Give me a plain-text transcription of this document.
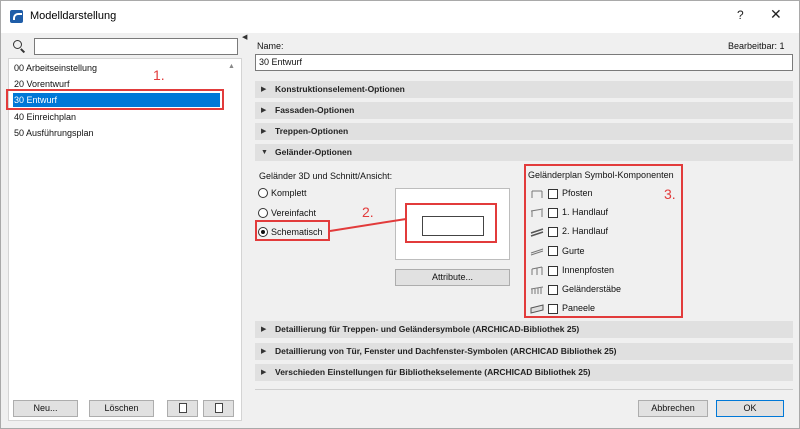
Modelldarstellung	? ✕
00 Arbeitseinstellung
20 Vorentwurf
30 Entwurf
40 Einreichplan
50 Ausführungsplan
▲
Neu...	Löschen
◀
Name:	Bearbeitbar: 1
30 Entwurf
▶ Konstruktionselement-Optionen
▶ Fassaden-Optionen
▶ Treppen-Optionen
▼ Geländer-Optionen
Geländer 3D und Schnitt/Ansicht:
Komplett
Vereinfacht
Schematisch
Attribute...
Geländerplan Symbol-Komponenten
Pfosten
1. Handlauf
2. Handlauf
Gurte
Innenpfosten
Geländerstäbe
Paneele
▶ Detaillierung für Treppen- und Geländersymbole (ARCHICAD-Bibliothek 25)
▶ Detaillierung von Tür, Fenster und Dachfenster-Symbolen (ARCHICAD Bibliothek 25)
▶ Verschieden Einstellungen für Bibliothekselemente (ARCHICAD Bibliothek 25)
Abbrechen	OK
1.
2.
3.
